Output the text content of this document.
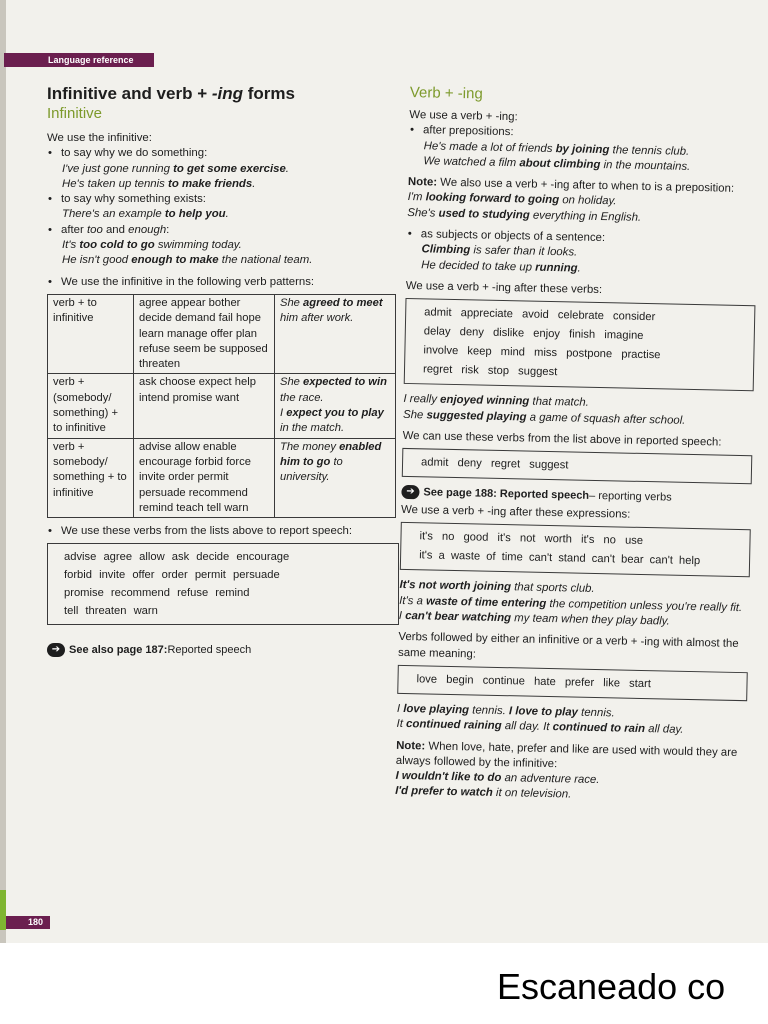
Language reference

Infinitive and verb + -ing forms

Infinitive

We use the infinitive:

• to say why we do something:

I've just gone running to get some exercise.

He's taken up tennis to make friends.

• to say why something exists:

There's an example to help you.

• after too and enough:

It's too cold to go swimming today.

He isn't good enough to make the national team.

• We use the infinitive in the following verb patterns:

verb + to infinitive	agree appear bother decide demand fail hope learn manage offer plan refuse seem be supposed threaten	She agreed to meet him after work.
verb + (somebody/ something) + to infinitive	ask choose expect help intend promise want	She expected to win the race.
I expect you to play in the match.
verb + somebody/ something + to infinitive	advise allow enable encourage forbid force invite order permit persuade recommend remind teach tell warn	The money enabled him to go to university.

• We use these verbs from the lists above to report speech:

advise agree allow ask decide encourage
forbid invite offer order permit persuade
promise recommend refuse remind
tell threaten warn
➔ See also page 187: Reported speech

Verb + -ing

We use a verb + -ing:

• after prepositions:

He's made a lot of friends by joining the tennis club.

We watched a film about climbing in the mountains.

Note: We also use a verb + -ing after to when to is a preposition:

I'm looking forward to going on holiday.

She's used to studying everything in English.

• as subjects or objects of a sentence:

Climbing is safer than it looks.

He decided to take up running.

We use a verb + -ing after these verbs:

admit appreciate avoid celebrate consider
delay deny dislike enjoy finish imagine
involve keep mind miss postpone practise
regret risk stop suggest

I really enjoyed winning that match.

She suggested playing a game of squash after school.

We can use these verbs from the list above in reported speech:

admit deny regret suggest
➔ See page 188: Reported speech – reporting verbs

We use a verb + -ing after these expressions:

it's no good it's not worth it's no use
it's a waste of time can't stand can't bear can't help

It's not worth joining that sports club.

It's a waste of time entering the competition unless you're really fit.

I can't bear watching my team when they play badly.

Verbs followed by either an infinitive or a verb + -ing with almost the same meaning:

love begin continue hate prefer like start

I love playing tennis. I love to play tennis.

It continued raining all day. It continued to rain all day.

Note: When love, hate, prefer and like are used with would they are always followed by the infinitive:

I wouldn't like to do an adventure race.

I'd prefer to watch it on television.

180
Escaneado co
